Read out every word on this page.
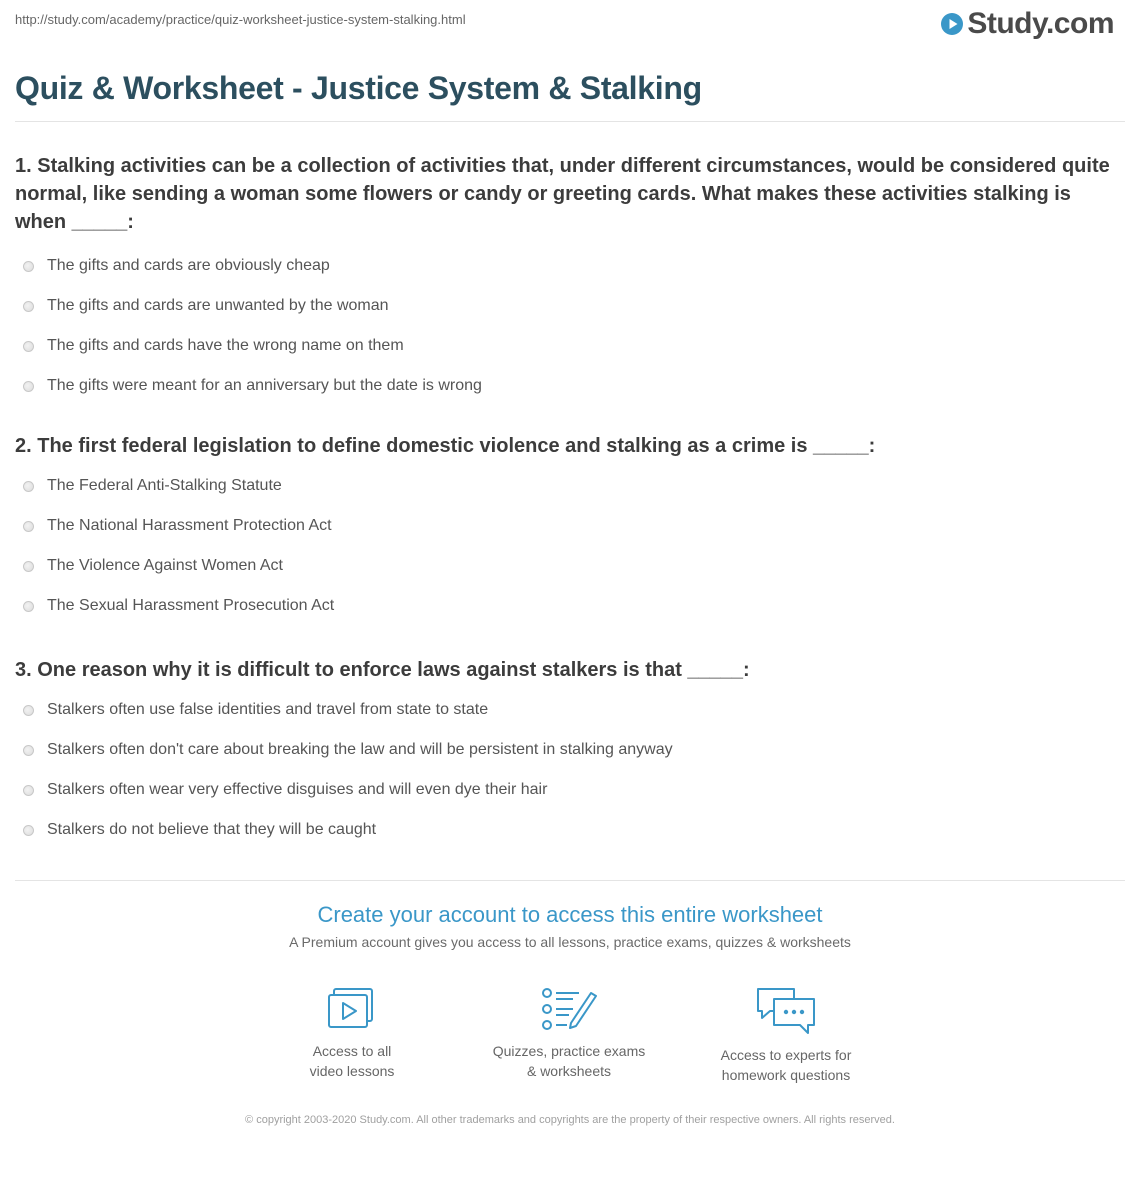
http://study.com/academy/practice/quiz-worksheet-justice-system-stalking.html	Study.com
Quiz & Worksheet - Justice System & Stalking

1. Stalking activities can be a collection of activities that, under different circumstances, would be considered quite normal, like sending a woman some flowers or candy or greeting cards. What makes these activities stalking is when _____:

The gifts and cards are obviously cheap
The gifts and cards are unwanted by the woman
The gifts and cards have the wrong name on them
The gifts were meant for an anniversary but the date is wrong

2. The first federal legislation to define domestic violence and stalking as a crime is _____:

The Federal Anti-Stalking Statute
The National Harassment Protection Act
The Violence Against Women Act
The Sexual Harassment Prosecution Act

3. One reason why it is difficult to enforce laws against stalkers is that _____:

Stalkers often use false identities and travel from state to state
Stalkers often don't care about breaking the law and will be persistent in stalking anyway
Stalkers often wear very effective disguises and will even dye their hair
Stalkers do not believe that they will be caught
Create your account to access this entire worksheet

A Premium account gives you access to all lessons, practice exams, quizzes & worksheets

Access to all
video lessons
Quizzes, practice exams
& worksheets
Access to experts for
homework questions
© copyright 2003-2020 Study.com. All other trademarks and copyrights are the property of their respective owners. All rights reserved.
